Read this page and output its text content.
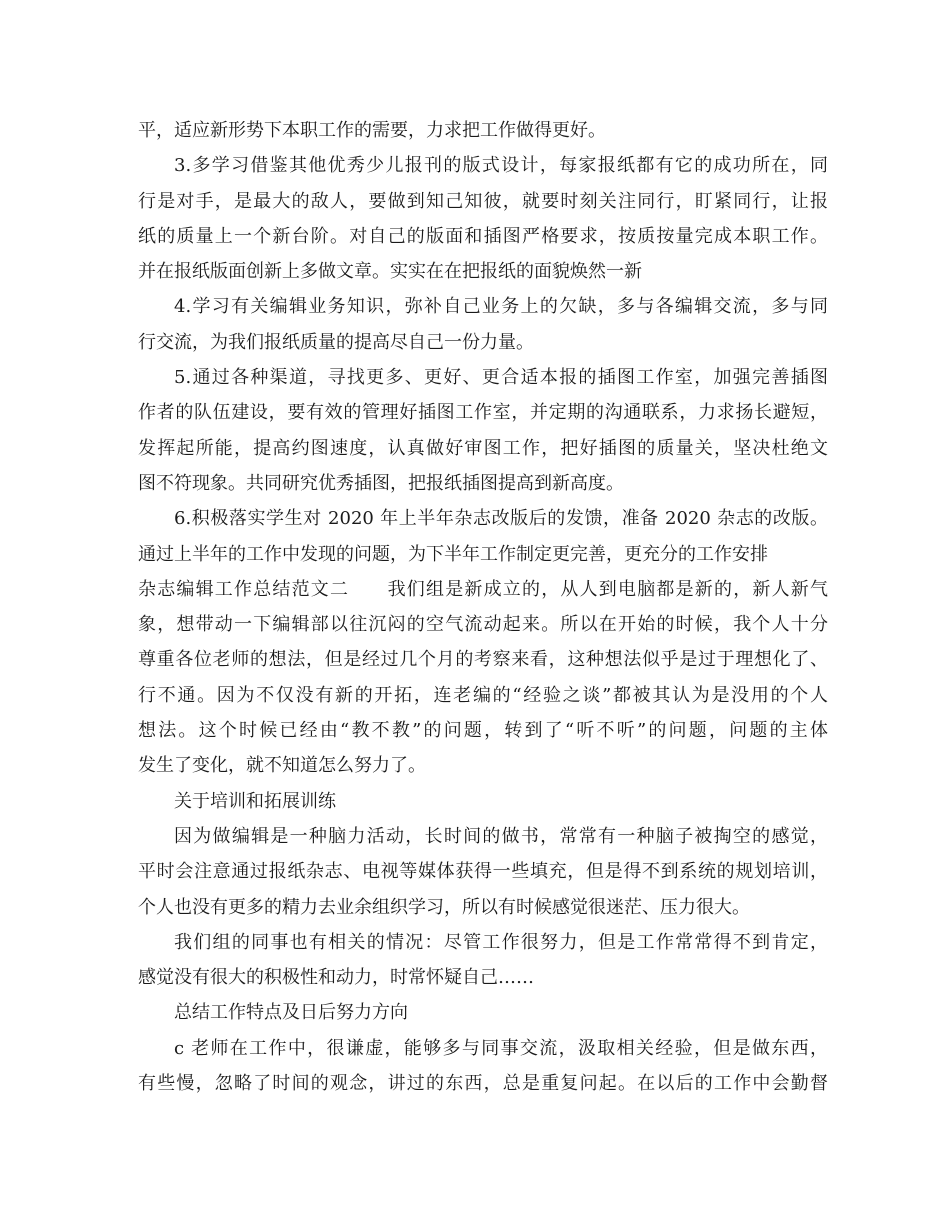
平，适应新形势下本职工作的需要，力求把工作做得更好。
3.多学习借鉴其他优秀少儿报刊的版式设计，每家报纸都有它的成功所在，同
行是对手，是最大的敌人，要做到知己知彼，就要时刻关注同行，盯紧同行，让报
纸的质量上一个新台阶。对自己的版面和插图严格要求，按质按量完成本职工作。
并在报纸版面创新上多做文章。实实在在把报纸的面貌焕然一新
4.学习有关编辑业务知识，弥补自己业务上的欠缺，多与各编辑交流，多与同
行交流，为我们报纸质量的提高尽自己一份力量。
5.通过各种渠道，寻找更多、更好、更合适本报的插图工作室，加强完善插图
作者的队伍建设，要有效的管理好插图工作室，并定期的沟通联系，力求扬长避短，
发挥起所能，提高约图速度，认真做好审图工作，把好插图的质量关，坚决杜绝文
图不符现象。共同研究优秀插图，把报纸插图提高到新高度。
6.积极落实学生对 2020 年上半年杂志改版后的发馈，准备 2020 杂志的改版。
通过上半年的工作中发现的问题，为下半年工作制定更完善，更充分的工作安排
杂志编辑工作总结范文二　　我们组是新成立的，从人到电脑都是新的，新人新气
象，想带动一下编辑部以往沉闷的空气流动起来。所以在开始的时候，我个人十分
尊重各位老师的想法，但是经过几个月的考察来看，这种想法似乎是过于理想化了、
行不通。因为不仅没有新的开拓，连老编的“经验之谈”都被其认为是没用的个人
想法。这个时候已经由“教不教”的问题，转到了“听不听”的问题，问题的主体
发生了变化，就不知道怎么努力了。
关于培训和拓展训练
因为做编辑是一种脑力活动，长时间的做书，常常有一种脑子被掏空的感觉，
平时会注意通过报纸杂志、电视等媒体获得一些填充，但是得不到系统的规划培训，
个人也没有更多的精力去业余组织学习，所以有时候感觉很迷茫、压力很大。
我们组的同事也有相关的情况：尽管工作很努力，但是工作常常得不到肯定，
感觉没有很大的积极性和动力，时常怀疑自己……
总结工作特点及日后努力方向
c 老师在工作中，很谦虚，能够多与同事交流，汲取相关经验，但是做东西，
有些慢，忽略了时间的观念，讲过的东西，总是重复问起。在以后的工作中会勤督
